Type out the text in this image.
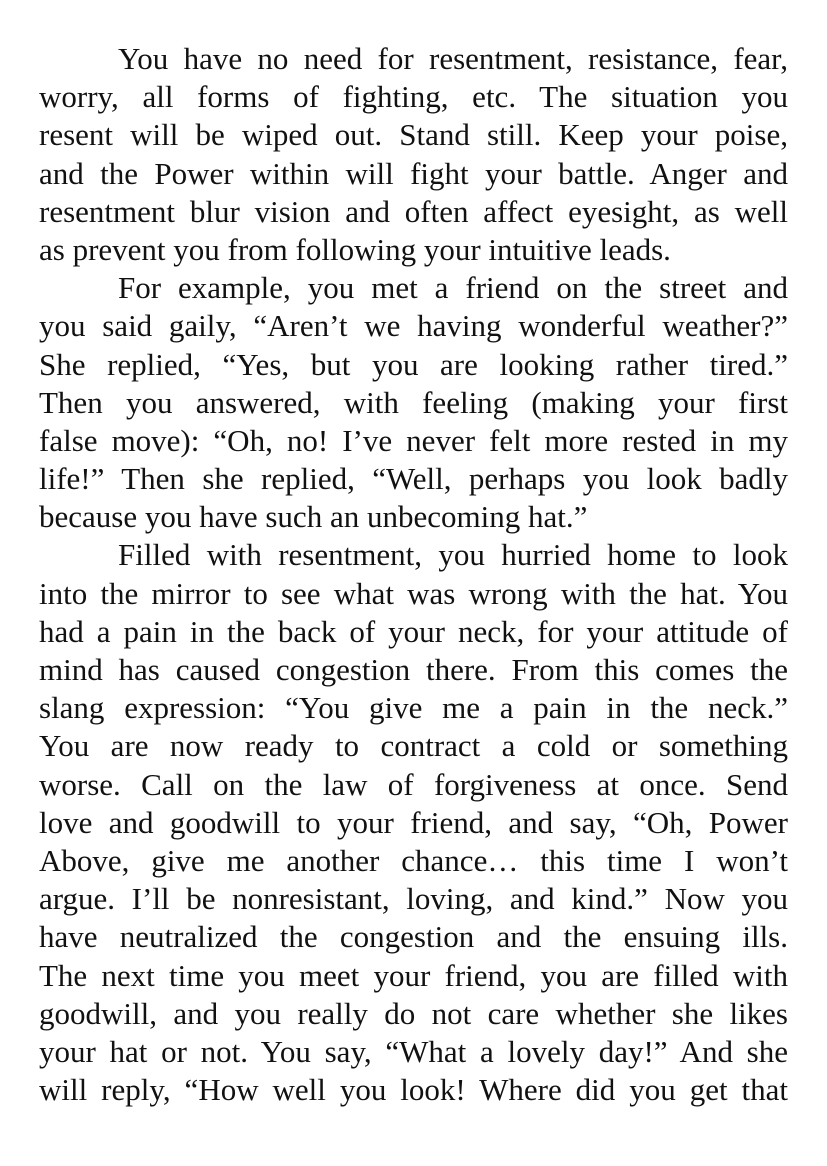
You have no need for resentment, resistance, fear,
worry, all forms of fighting, etc. The situation you
resent will be wiped out. Stand still. Keep your poise,
and the Power within will fight your battle. Anger and
resentment blur vision and often affect eyesight, as well
as prevent you from following your intuitive leads.
For example, you met a friend on the street and
you said gaily, “Aren’t we having wonderful weather?”
She replied, “Yes, but you are looking rather tired.”
Then you answered, with feeling (making your first
false move): “Oh, no! I’ve never felt more rested in my
life!” Then she replied, “Well, perhaps you look badly
because you have such an unbecoming hat.”
Filled with resentment, you hurried home to look
into the mirror to see what was wrong with the hat. You
had a pain in the back of your neck, for your attitude of
mind has caused congestion there. From this comes the
slang expression: “You give me a pain in the neck.”
You are now ready to contract a cold or something
worse. Call on the law of forgiveness at once. Send
love and goodwill to your friend, and say, “Oh, Power
Above, give me another chance… this time I won’t
argue. I’ll be nonresistant, loving, and kind.” Now you
have neutralized the congestion and the ensuing ills.
The next time you meet your friend, you are filled with
goodwill, and you really do not care whether she likes
your hat or not. You say, “What a lovely day!” And she
will reply, “How well you look! Where did you get that
